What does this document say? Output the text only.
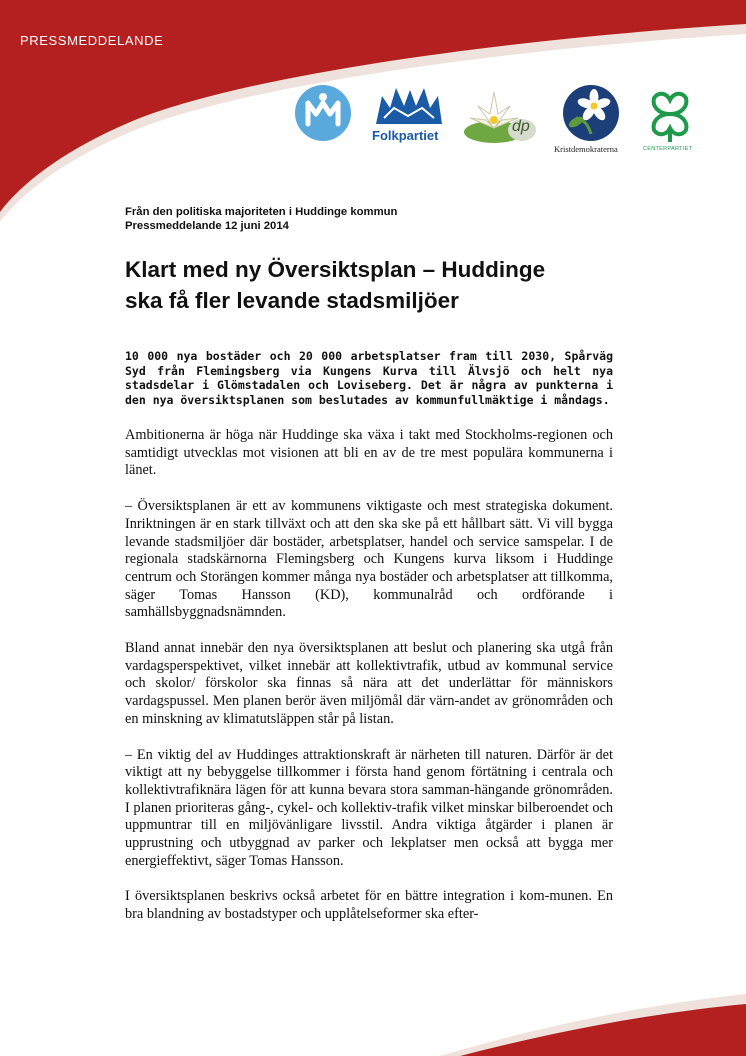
PRESSMEDDELANDE

Folkpartiet
dp
Kristdemokraterna	CENTERPARTIET

Från den politiska majoriteten i Huddinge kommun

Pressmeddelande 12 juni 2014

Klart med ny Översiktsplan – Huddinge
ska få fler levande stadsmiljöer

10 000 nya bostäder och 20 000 arbetsplatser fram till 2030, Spårväg Syd från Flemingsberg via Kungens Kurva till Älvsjö och helt nya stadsdelar i Glömstadalen och Loviseberg. Det är några av punkterna i den nya översiktsplanen som beslutades av kommunfullmäktige i måndags.

Ambitionerna är höga när Huddinge ska växa i takt med Stockholms-regionen och samtidigt utvecklas mot visionen att bli en av de tre mest populära kommunerna i länet.

– Översiktsplanen är ett av kommunens viktigaste och mest strategiska dokument. Inriktningen är en stark tillväxt och att den ska ske på ett hållbart sätt. Vi vill bygga levande stadsmiljöer där bostäder, arbetsplatser, handel och service samspelar. I de regionala stadskärnorna Flemingsberg och Kungens kurva liksom i Huddinge centrum och Storängen kommer många nya bostäder och arbetsplatser att tillkomma, säger Tomas Hansson (KD), kommunalråd och ordförande i samhällsbyggnadsnämnden.

Bland annat innebär den nya översiktsplanen att beslut och planering ska utgå från vardagsperspektivet, vilket innebär att kollektivtrafik, utbud av kommunal service och skolor/ förskolor ska finnas så nära att det underlättar för människors vardagspussel. Men planen berör även miljömål där värn-andet av grönområden och en minskning av klimatutsläppen står på listan.

– En viktig del av Huddinges attraktionskraft är närheten till naturen. Därför är det viktigt att ny bebyggelse tillkommer i första hand genom förtätning i centrala och kollektivtrafiknära lägen för att kunna bevara stora samman-hängande grönområden. I planen prioriteras gång-, cykel- och kollektiv-trafik vilket minskar bilberoendet och uppmuntrar till en miljövänligare livsstil. Andra viktiga åtgärder i planen är upprustning och utbyggnad av parker och lekplatser men också att bygga mer energieffektivt, säger Tomas Hansson.

I översiktsplanen beskrivs också arbetet för en bättre integration i kom-munen. En bra blandning av bostadstyper och upplåtelseformer ska efter-
